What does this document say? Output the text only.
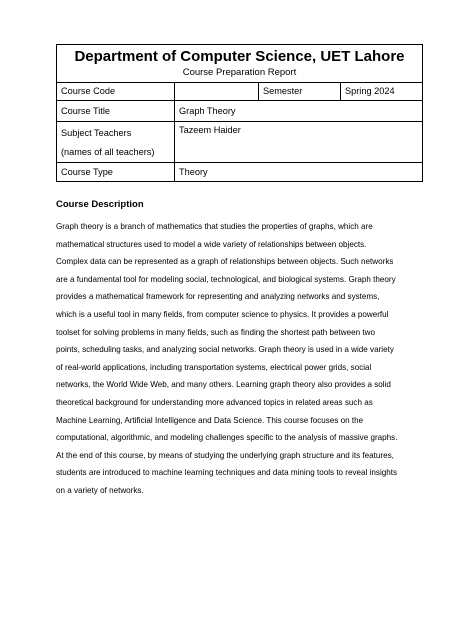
Department of Computer Science, UET Lahore
Course Preparation Report			

Course Code		Semester	Spring 2024
Course Title	Graph Theory		

Subject Teachers
(names of all teachers)	Tazeem Haider		
Course Type	Theory		
Course Description

Graph theory is a branch of mathematics that studies the properties of graphs, which are
mathematical structures used to model a wide variety of relationships between objects.
Complex data can be represented as a graph of relationships between objects. Such networks
are a fundamental tool for modeling social, technological, and biological systems. Graph theory
provides a mathematical framework for representing and analyzing networks and systems,
which is a useful tool in many fields, from computer science to physics. It provides a powerful
toolset for solving problems in many fields, such as finding the shortest path between two
points, scheduling tasks, and analyzing social networks. Graph theory is used in a wide variety
of real-world applications, including transportation systems, electrical power grids, social
networks, the World Wide Web, and many others. Learning graph theory also provides a solid
theoretical background for understanding more advanced topics in related areas such as
Machine Learning, Artificial Intelligence and Data Science. This course focuses on the
computational, algorithmic, and modeling challenges specific to the analysis of massive graphs.
At the end of this course, by means of studying the underlying graph structure and its features,
students are introduced to machine learning techniques and data mining tools to reveal insights
on a variety of networks.
